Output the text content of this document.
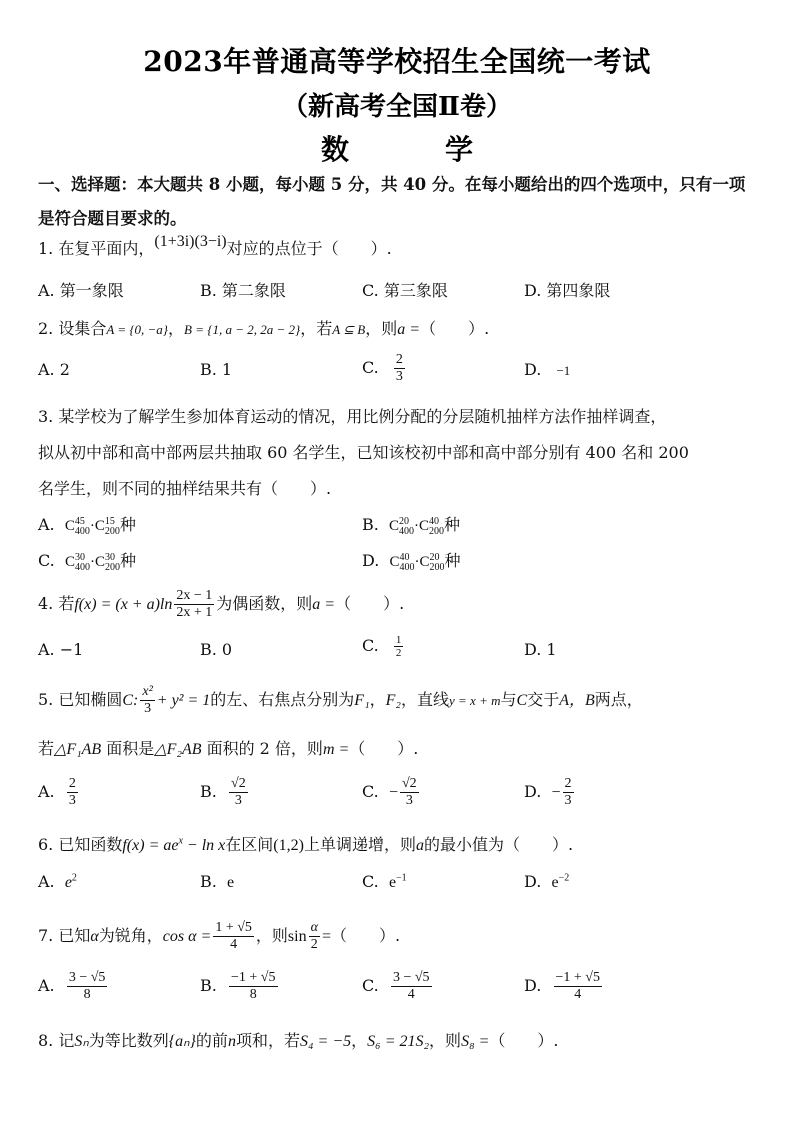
2023年普通高等学校招生全国统一考试
（新高考全国Ⅱ卷）
数学
一、选择题：本大题共 8 小题，每小题 5 分，共 40 分。在每小题给出的四个选项中，只有一项是符合题目要求的。
1. 在复平面内，(1+3i)(3−i)对应的点位于（　　）.
A. 第一象限	B. 第二象限	C. 第三象限	D. 第四象限
2. 设集合A = {0, −a}，B = {1, a − 2, 2a − 2}，若A ⊆ B，则a =（　　）.
A. 2	B. 1	C. $\frac{2}{3}$	D. −1
3. 某学校为了解学生参加体育运动的情况，用比例分配的分层随机抽样方法作抽样调查，
拟从初中部和高中部两层共抽取 60 名学生，已知该校初中部和高中部分别有 400 名和 200
名学生，则不同的抽样结果共有（　　）.
A. C 45
400 ·C 15
200 种	B. C 20
400 ·C 40
200 种
C. C 30
400 ·C 30
200 种	D. C 40
400 ·C 20
200 种
4. 若$f(x) = (x + a)\ln \frac{2x - 1}{2x + 1}$ 为偶函数，则a =（　　）.
A. −1	B. 0	C. $\frac{1}{2}$	D. 1
5. 已知椭圆C: $\frac{\text{x²}}{3} + y^2 = 1$的左、右焦点分别为F₁，F₂，直线y = x + m与C交于A，B两点，
若△F₁AB 面积是△F₂AB 面积的 2 倍，则m =（　　）.
A. $\frac{2}{3}$	B. $\frac{√2}{3}$	C. − $\frac{√2}{3}$	D. − $\frac{2}{3}$
6. 已知函数$f(x) = ae^x - \ln x$在区间(1,2)上单调递增，则a的最小值为（　　）.
A. $e^2$	B. e	C. $e^{-1}$	D. $e^{-2}$
7. 已知α为锐角，$\cos \alpha = \frac{1 + √5}{4}$ ，则$\sin \frac{\alpha}{2}$ =（　　）.
A. $\frac{3 - √5}{8}$	B. $\frac{-1 + √5}{8}$	C. $\frac{3 - √5}{4}$	D. $\frac{-1 + √5}{4}$
8. 记Sₙ为等比数列{aₙ}的前n项和，若S₄ = −5，S₆ = 21S₂，则S₈ =（　　）.
